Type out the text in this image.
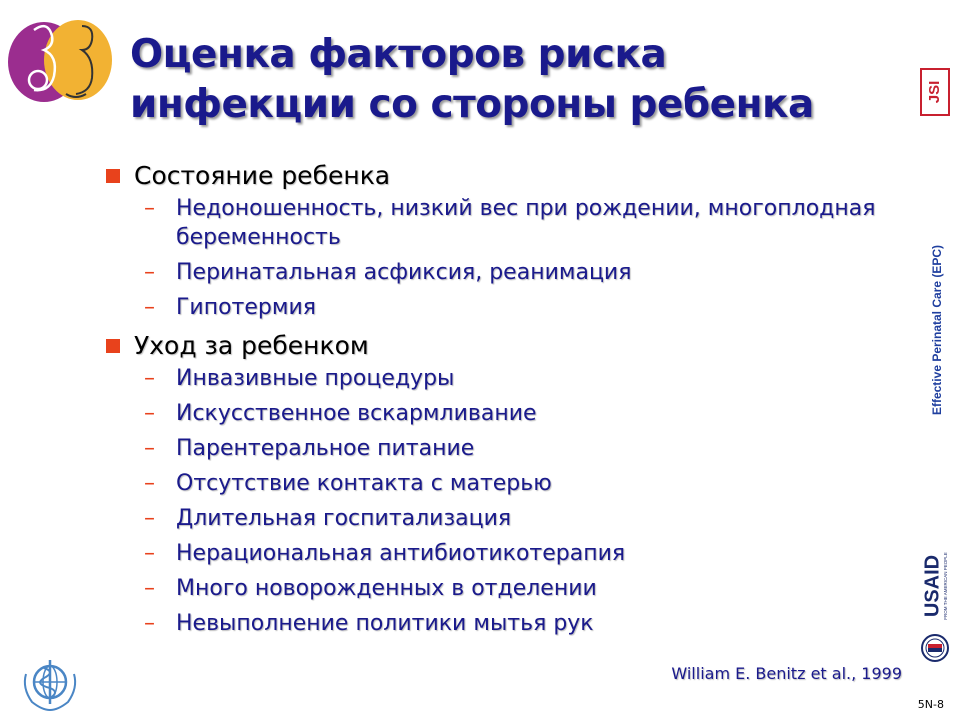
Оценка факторов риска
инфекции со стороны ребенка
Состояние ребенка
– Недоношенность, низкий вес при рождении, многоплодная беременность
– Перинатальная асфиксия, реанимация
– Гипотермия
Уход за ребенком
– Инвазивные процедуры
– Искусственное вскармливание
– Парентеральное питание
– Отсутствие контакта с матерью
– Длительная госпитализация
– Нерациональная антибиотикотерапия
– Много новорожденных в отделении
– Невыполнение политики мытья рук
William E. Benitz et al., 1999
5N-8
Effective Perinatal Care (EPC)
JSI
USAID FROM THE AMERICAN PEOPLE
